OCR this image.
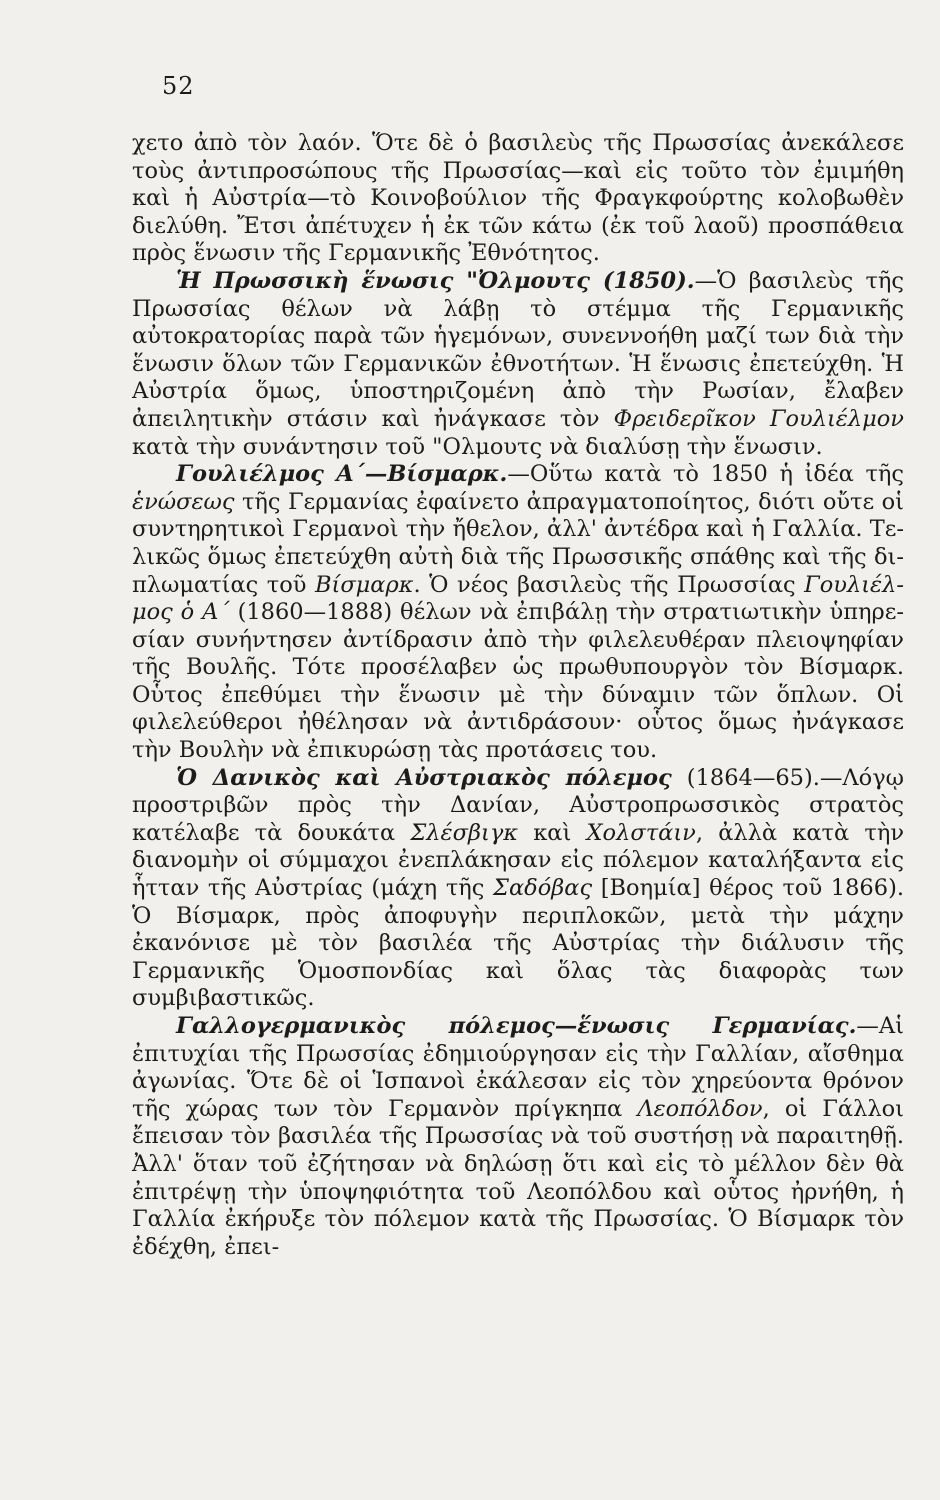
52

χετο ἀπὸ τὸν λαόν. Ὅτε δὲ ὁ βασιλεὺς τῆς Πρωσσίας ἀνεκάλεσε τοὺς ἀντιπροσώπους τῆς Πρωσσίας—καὶ εἰς τοῦτο τὸν ἐμιμήθη καὶ ἡ Αὐστρία—τὸ Κοινοβούλιον τῆς Φραγκφούρτης κολοβωθὲν διελύθη. Ἔτσι ἀπέτυχεν ἡ ἐκ τῶν κάτω (ἐκ τοῦ λαοῦ) προσπάθεια πρὸς ἕνωσιν τῆς Γερμανικῆς Ἐθνότητος.

Ἡ Πρωσσικὴ ἕνωσις "Ὀλμουτς (1850).—Ὁ βασιλεὺς τῆς Πρωσσίας θέλων νὰ λάβῃ τὸ στέμμα τῆς Γερμανικῆς αὐτοκρατορίας παρὰ τῶν ἡγεμόνων, συνεννοήθη μαζί των διὰ τὴν ἕνωσιν ὅλων τῶν Γερμανικῶν ἐθνοτήτων. Ἡ ἕνωσις ἐπετεύχθη. Ἡ Αὐστρία ὅμως, ὑποστηριζομένη ἀπὸ τὴν Ρωσίαν, ἔλαβεν ἀπειλητικὴν στάσιν καὶ ἠνάγκασε τὸν Φρειδερῖκον Γουλιέλμον κατὰ τὴν συνάντησιν τοῦ "Ολμουτς νὰ διαλύσῃ τὴν ἕνωσιν.

Γουλιέλμος Α΄—Βίσμαρκ.—Οὕτω κατὰ τὸ 1850 ἡ ἰδέα τῆς ἑνώσεως τῆς Γερμανίας ἐφαίνετο ἀπραγματοποίητος, διότι οὔτε οἱ συντηρητικοὶ Γερμανοὶ τὴν ἤθελον, ἀλλ' ἀντέδρα καὶ ἡ Γαλλία. Τελικῶς ὅμως ἐπετεύχθη αὐτὴ διὰ τῆς Πρωσσικῆς σπάθης καὶ τῆς διπλωματίας τοῦ Βίσμαρκ. Ὁ νέος βασιλεὺς τῆς Πρωσσίας Γουλιέλμος ὁ Α΄ (1860—1888) θέλων νὰ ἐπιβάλῃ τὴν στρατιωτικὴν ὑπηρεσίαν συνήντησεν ἀντίδρασιν ἀπὸ τὴν φιλελευθέραν πλειοψηφίαν τῆς Βουλῆς. Τότε προσέλαβεν ὡς πρωθυπουργὸν τὸν Βίσμαρκ. Οὗτος ἐπεθύμει τὴν ἕνωσιν μὲ τὴν δύναμιν τῶν ὅπλων. Οἱ φιλελεύθεροι ἠθέλησαν νὰ ἀντιδράσουν· οὗτος ὅμως ἠνάγκασε τὴν Βουλὴν νὰ ἐπικυρώσῃ τὰς προτάσεις του.

Ὁ Δανικὸς καὶ Αὐστριακὸς πόλεμος (1864—65).—Λόγῳ προστριβῶν πρὸς τὴν Δανίαν, Αὐστροπρωσσικὸς στρατὸς κατέλαβε τὰ δουκάτα Σλέσβιγκ καὶ Χολστάιν, ἀλλὰ κατὰ τὴν διανομὴν οἱ σύμμαχοι ἐνεπλάκησαν εἰς πόλεμον καταλήξαντα εἰς ἧτταν τῆς Αὐστρίας (μάχη τῆς Σαδόβας [Βοημία] θέρος τοῦ 1866). Ὁ Βίσμαρκ, πρὸς ἀποφυγὴν περιπλοκῶν, μετὰ τὴν μάχην ἐκανόνισε μὲ τὸν βασιλέα τῆς Αὐστρίας τὴν διάλυσιν τῆς Γερμανικῆς Ὁμοσπονδίας καὶ ὅλας τὰς διαφορὰς των συμβιβαστικῶς.

Γαλλογερμανικὸς πόλεμος—ἕνωσις Γερμανίας.—Αἱ ἐπιτυχίαι τῆς Πρωσσίας ἐδημιούργησαν εἰς τὴν Γαλλίαν, αἴσθημα ἀγωνίας. Ὅτε δὲ οἱ Ἱσπανοὶ ἐκάλεσαν εἰς τὸν χηρεύοντα θρόνον τῆς χώρας των τὸν Γερμανὸν πρίγκηπα Λεοπόλδον, οἱ Γάλλοι ἔπεισαν τὸν βασιλέα τῆς Πρωσσίας νὰ τοῦ συστήσῃ νὰ παραιτηθῇ. Ἀλλ' ὅταν τοῦ ἐζήτησαν νὰ δηλώσῃ ὅτι καὶ εἰς τὸ μέλλον δὲν θὰ ἐπιτρέψῃ τὴν ὑποψηφιότητα τοῦ Λεοπόλδου καὶ οὗτος ἠρνήθη, ἡ Γαλλία ἐκήρυξε τὸν πόλεμον κατὰ τῆς Πρωσσίας. Ὁ Βίσμαρκ τὸν ἐδέχθη, ἐπει-
